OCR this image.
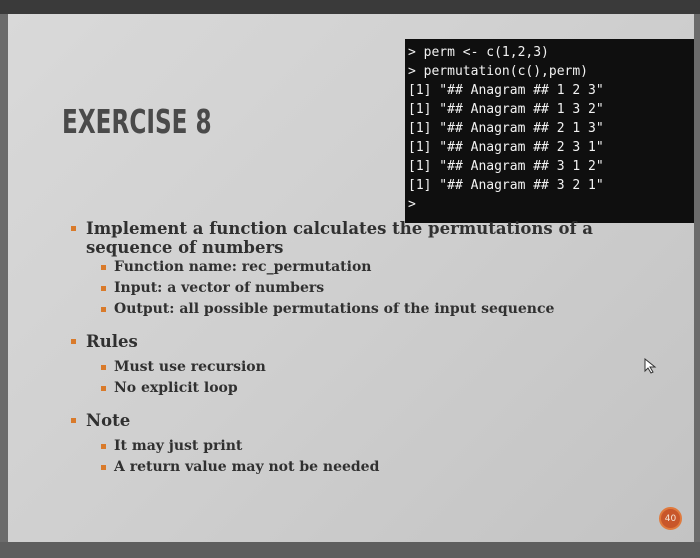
EXERCISE 8
> perm <- c(1,2,3)
> permutation(c(),perm)
[1] "## Anagram ## 1 2 3"
[1] "## Anagram ## 1 3 2"
[1] "## Anagram ## 2 1 3"
[1] "## Anagram ## 2 3 1"
[1] "## Anagram ## 3 1 2"
[1] "## Anagram ## 3 2 1"
>
Implement a function calculates the permutations of a
sequence of numbers
Function name: rec_permutation
Input: a vector of numbers
Output: all possible permutations of the input sequence
Rules
Must use recursion
No explicit loop
Note
It may just print
A return value may not be needed
40
